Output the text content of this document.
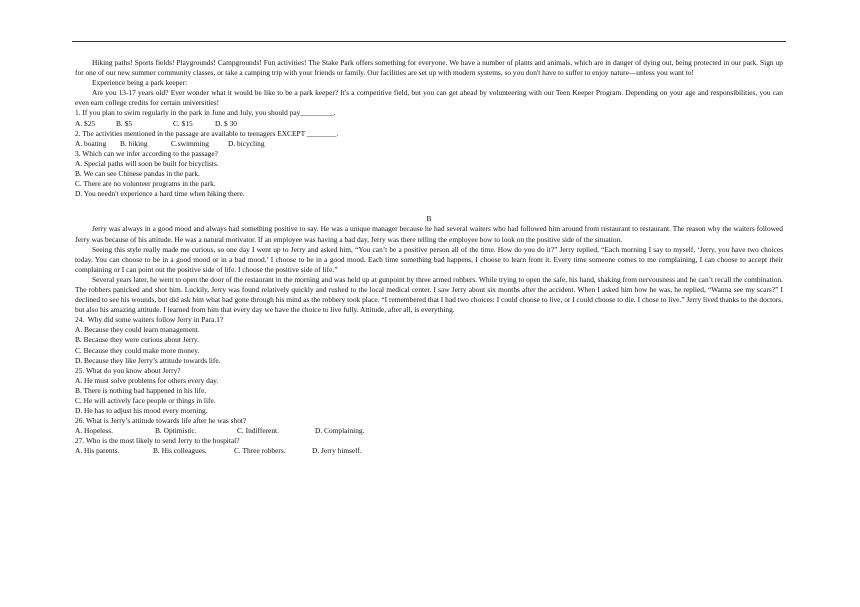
Hiking paths! Sports fields! Playgrounds! Campgrounds! Fun activities! The Stake Park offers something for everyone. We have a number of plants and animals, which are in danger of dying out, being protected in our park. Sign up for one of our new summer community classes, or take a camping trip with your friends or family. Our facilities are set up with modern systems, so you don't have to suffer to enjoy nature—unless you want to!

Experience being a park keeper:

Are you 13-17 years old? Ever wonder what it would be like to be a park keeper? It's a competitive field, but you can get ahead by volunteering with our Teen Keeper Program. Depending on your age and responsibilities, you can even earn college credits for certain universities!

1. If you plan to swim regularly in the park in June and July, you should pay_________.

A. $25	B. $5	C. $15	D. $ 30

2. The activities mentioned in the passage are available to teenagers EXCEPT ________.

A. boating B. hiking	C.swimming	D. bicycling

3. Which can we infer according to the passage?

A. Special paths will soon be built for bicyclists.

B. We can see Chinese pandas in the park.

C. There are no volunteer programs in the park.

D. You needn't experience a hard time when hiking there.

B

Jerry was always in a good mood and always had something positive to say. He was a unique manager because he had several waiters who had followed him around from restaurant to restaurant. The reason why the waiters followed Jerry was because of his attitude. He was a natural motivator. If an employee was having a bad day, Jerry was there telling the employee how to look on the positive side of the situation.

Seeing this style really made me curious, so one day I went up to Jerry and asked him, “You can’t be a positive person all of the time. How do you do it?” Jerry replied, “Each morning I say to myself, ‘Jerry, you have two choices today. You can choose to be in a good mood or in a bad mood.’ I choose to be in a good mood. Each time something bad happens, I choose to learn from it. Every time someone comes to me complaining, I can choose to accept their complaining or I can point out the positive side of life. I choose the positive side of life.”

Several years later, he went to open the door of the restaurant in the morning and was held up at gunpoint by three armed robbers. While trying to open the safe, his hand, shaking from nervousness and he can’t recall the combination. The robbers panicked and shot him. Luckily, Jerry was found relatively quickly and rushed to the local medical center. I saw Jerry about six months after the accident. When I asked him how he was, he replied, “Wanna see my scars?” I declined to see his wounds, but did ask him what had gone through his mind as the robbery took place. “I remembered that I had two choices: I could choose to live, or I could choose to die. I chose to live.” Jerry lived thanks to the doctors, but also his amazing attitude. I learned from him that every day we have the choice to live fully. Attitude, after all, is everything.

24.  Why did some waiters follow Jerry in Para.1?

A. Because they could learn management.

B. Because they were curious about Jerry.

C. Because they could make more money.

D. Because they like Jerry’s attitude towards life.

25. What do you know about Jerry?

A. He must solve problems for others every day.

B. There is nothing bad happened in his life.

C. He will actively face people or things in life.

D. He has to adjust his mood every morning.

26. What is Jerry’s attitude towards life after he was shot?

A. Hopeless.	B. Optimistic.	C. Indifferent.	D. Complaining.

27. Who is the most likely to send Jerry to the hospital?

A. His parents.	B. His colleagues.	C. Three robbers.	D. Jerry himself.
